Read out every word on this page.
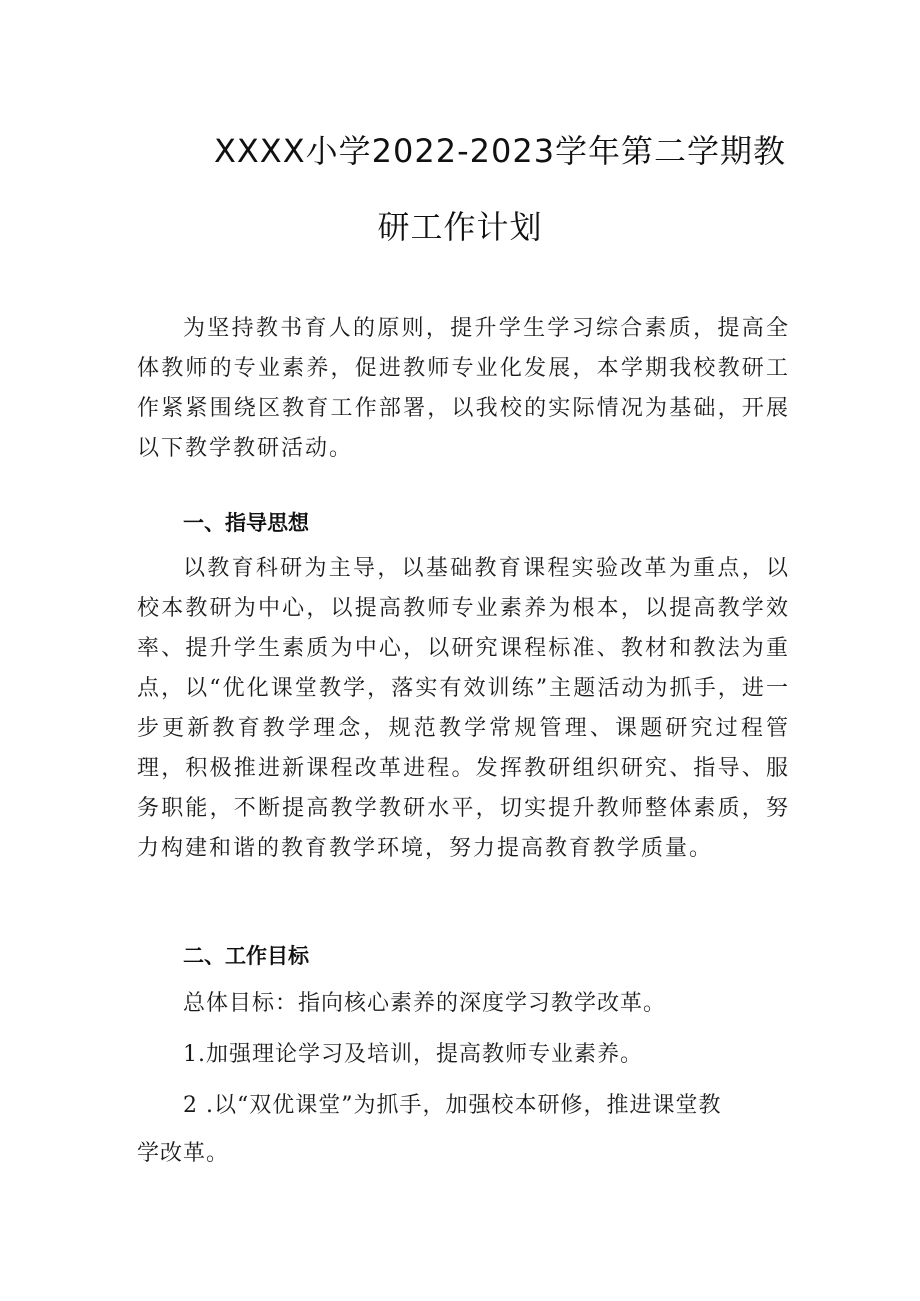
XXXX小学2022-2023学年第二学期教
研工作计划

为坚持教书育人的原则，提升学生学习综合素质，提高全体教师的专业素养，促进教师专业化发展，本学期我校教研工作紧紧围绕区教育工作部署，以我校的实际情况为基础，开展以下教学教研活动。

一、指导思想

以教育科研为主导，以基础教育课程实验改革为重点，以校本教研为中心，以提高教师专业素养为根本，以提高教学效率、提升学生素质为中心，以研究课程标准、教材和教法为重点，以“优化课堂教学，落实有效训练”主题活动为抓手，进一步更新教育教学理念，规范教学常规管理、课题研究过程管理，积极推进新课程改革进程。发挥教研组织研究、指导、服务职能，不断提高教学教研水平，切实提升教师整体素质，努力构建和谐的教育教学环境，努力提高教育教学质量。

二、工作目标

总体目标：指向核心素养的深度学习教学改革。

1.加强理论学习及培训，提高教师专业素养。

2 .以“双优课堂”为抓手，加强校本研修，推进课堂教

学改革。
